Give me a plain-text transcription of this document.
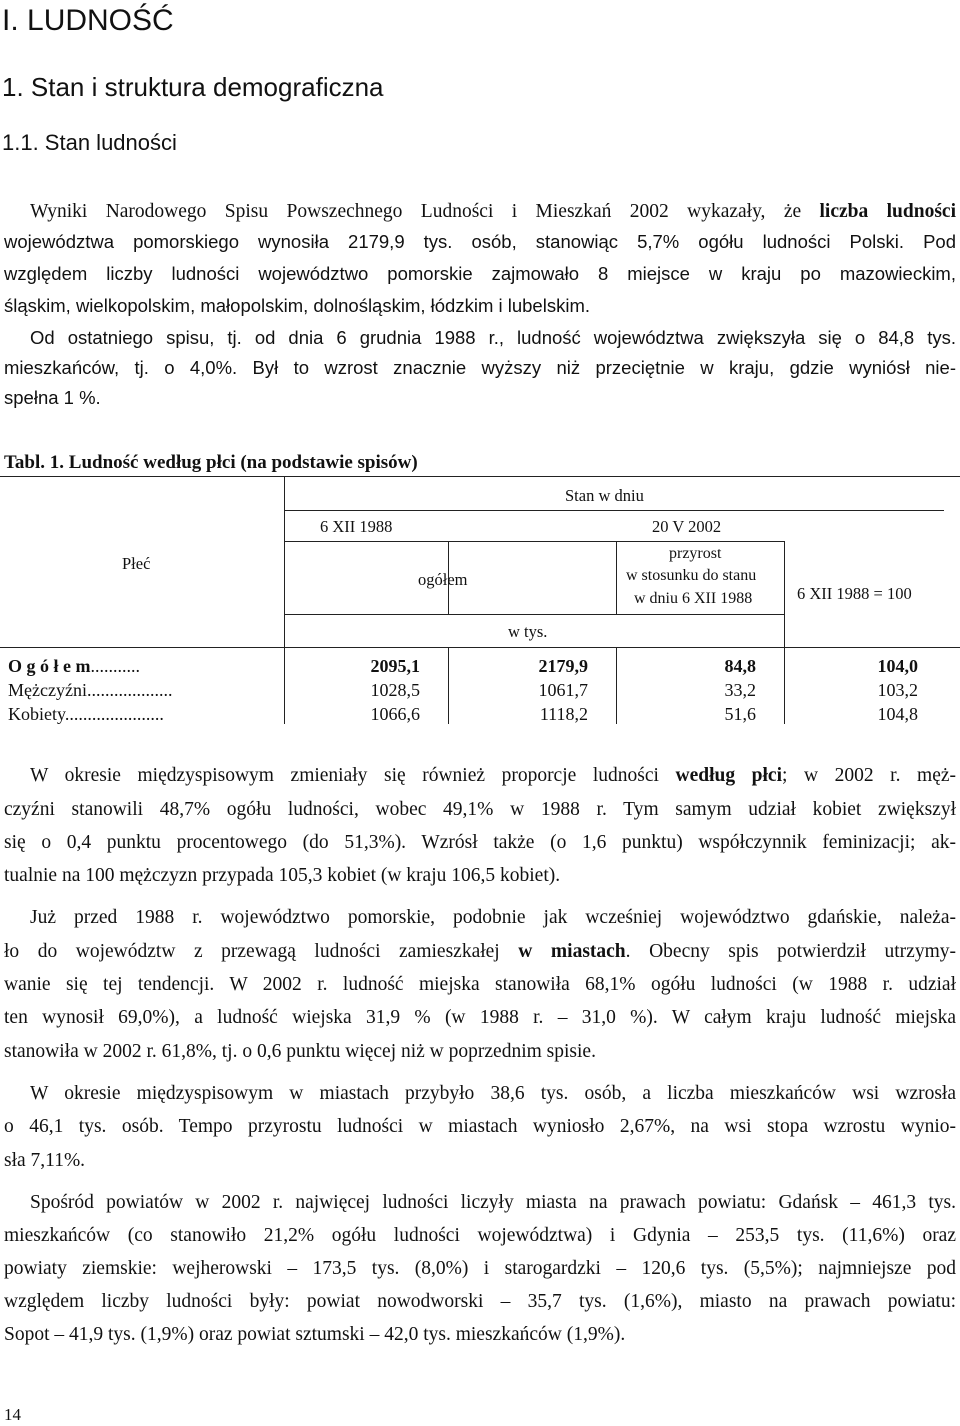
I. LUDNOŚĆ
1. Stan i struktura demograficzna
1.1. Stan ludności
Wyniki Narodowego Spisu Powszechnego Ludności i Mieszkań 2002 wykazały, że liczba ludności
województwa pomorskiego wynosiła 2179,9 tys. osób, stanowiąc 5,7% ogółu ludności Polski. Pod
względem liczby ludności województwo pomorskie zajmowało 8 miejsce w kraju po mazowieckim,
śląskim, wielkopolskim, małopolskim, dolnośląskim, łódzkim i lubelskim.
Od ostatniego spisu, tj. od dnia 6 grudnia 1988 r., ludność województwa zwiększyła się o 84,8 tys.
mieszkańców, tj. o 4,0%. Był to wzrost znacznie wyższy niż przeciętnie w kraju, gdzie wyniósł nie-
spełna 1 %.
Tabl. 1. Ludność według płci (na podstawie spisów)
Stan w dniu
6 XII 1988	20 V 2002
Płeć
ogółem
przyrost
w stosunku do stanu
w dniu 6 XII 1988	6 XII 1988 = 100
w tys.
O g ó ł e m...........	2095,1	2179,9	84,8	104,0
Mężczyźni...................	1028,5	1061,7	33,2	103,2
Kobiety......................	1066,6	1118,2	51,6	104,8
W okresie międzyspisowym zmieniały się również proporcje ludności według płci; w 2002 r. męż-
czyźni stanowili 48,7% ogółu ludności, wobec 49,1% w 1988 r. Tym samym udział kobiet zwiększył
się o 0,4 punktu procentowego (do 51,3%). Wzrósł także (o 1,6 punktu) współczynnik feminizacji; ak-
tualnie na 100 mężczyzn przypada 105,3 kobiet (w kraju 106,5 kobiet).
Już przed 1988 r. województwo pomorskie, podobnie jak wcześniej województwo gdańskie, należa-
ło do województw z przewagą ludności zamieszkałej w miastach. Obecny spis potwierdził utrzymy-
wanie się tej tendencji. W 2002 r. ludność miejska stanowiła 68,1% ogółu ludności (w 1988 r. udział
ten wynosił 69,0%), a ludność wiejska 31,9 % (w 1988 r. – 31,0 %). W całym kraju ludność miejska
stanowiła w 2002 r. 61,8%, tj. o 0,6 punktu więcej niż w poprzednim spisie.
W okresie międzyspisowym w miastach przybyło 38,6 tys. osób, a liczba mieszkańców wsi wzrosła
o 46,1 tys. osób. Tempo przyrostu ludności w miastach wyniosło 2,67%, na wsi stopa wzrostu wynio-
sła 7,11%.
Spośród powiatów w 2002 r. najwięcej ludności liczyły miasta na prawach powiatu: Gdańsk – 461,3 tys.
mieszkańców (co stanowiło 21,2% ogółu ludności województwa) i Gdynia – 253,5 tys. (11,6%) oraz
powiaty ziemskie: wejherowski – 173,5 tys. (8,0%) i starogardzki – 120,6 tys. (5,5%); najmniejsze pod
względem liczby ludności były: powiat nowodworski – 35,7 tys. (1,6%), miasto na prawach powiatu:
Sopot – 41,9 tys. (1,9%) oraz powiat sztumski – 42,0 tys. mieszkańców (1,9%).
14
